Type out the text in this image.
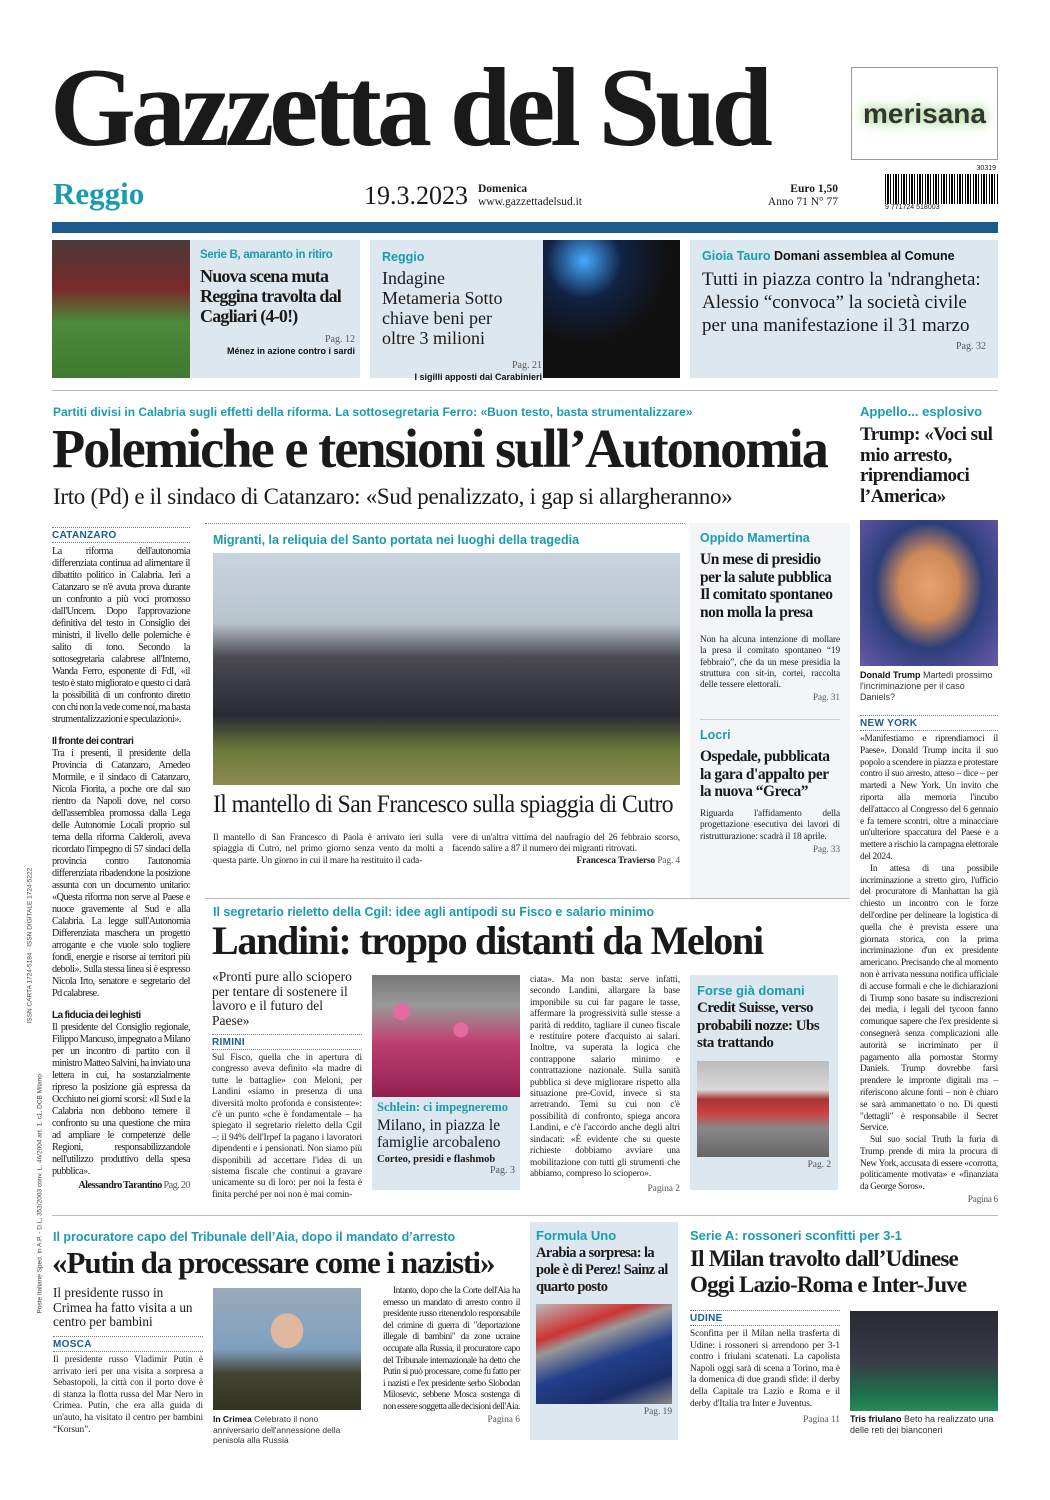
Gazzetta del Sud	merisana
Reggio	19.3.2023 Domenica
www.gazzettadelsud.it
Euro 1,50
Anno 71 N° 77
30319
9 771724 518003
ISSN CARTA 1724-5184 · ISSN DIGITALE 1724-5222
Poste Italiane Sped. in A.P. - D.L. 353/2003 conv. L. 46/2004 art. 1, c1, DCB Milano
Serie B, amaranto in ritiro
Nuova scena muta Reggina travolta dal Cagliari (4-0!)
Pag. 12
Ménez in azione contro i sardi
Reggio
Indagine Metameria Sotto chiave beni per oltre 3 milioni
Pag. 21
I sigilli apposti dai Carabinieri
Gioia Tauro Domani assemblea al Comune
Tutti in piazza contro la 'ndrangheta: Alessio “convoca” la società civile per una manifestazione il 31 marzo
Pag. 32
Partiti divisi in Calabria sugli effetti della riforma. La sottosegretaria Ferro: «Buon testo, basta strumentalizzare»
Polemiche e tensioni sull’Autonomia
Irto (Pd) e il sindaco di Catanzaro: «Sud penalizzato, i gap si allargheranno»
CATANZARO

La riforma dell'autonomia differenziata continua ad alimentare il dibattito politico in Calabria. Ieri a Catanzaro se n'è avuta prova durante un confronto a più voci promosso dall'Uncem. Dopo l'approvazione definitiva del testo in Consiglio dei ministri, il livello delle polemiche è salito di tono. Secondo la sottosegretaria calabrese all'Interno, Wanda Ferro, esponente di FdI, «il testo è stato migliorato e questo ci darà la possibilità di un confronto diretto con chi non la vede come noi, ma basta strumentalizzazioni e speculazioni».

Il fronte dei contrari

Tra i presenti, il presidente della Provincia di Catanzaro, Amedeo Mormile, e il sindaco di Catanzaro, Nicola Fiorita, a poche ore dal suo rientro da Napoli dove, nel corso dell'assemblea promossa dalla Lega delle Autonomie Locali proprio sul tema della riforma Calderoli, aveva ricordato l'impegno di 57 sindaci della provincia contro l'autonomia differenziata ribadendone la posizione assunta con un documento unitario: «Questa riforma non serve al Paese e nuoce gravemente al Sud e alla Calabria. La legge sull'Autonomia Differenziata maschera un progetto arrogante e che vuole solo togliere fondi, energie e risorse ai territori più deboli». Sulla stessa linea si è espresso Nicola Irto, senatore e segretario del Pd calabrese.

La fiducia dei leghisti

Il presidente del Consiglio regionale, Filippo Mancuso, impegnato a Milano per un incontro di partito con il ministro Matteo Salvini, ha inviato una lettera in cui, ha sostanzialmente ripreso la posizione già espressa da Occhiuto nei giorni scorsi: «Il Sud e la Calabria non debbono temere il confronto su una questione che mira ad ampliare le competenze delle Regioni, responsabilizzandole nell'utilizzo produttivo della spesa pubblica».

Alessandro Tarantino Pag. 20
Migranti, la reliquia del Santo portata nei luoghi della tragedia
Il mantello di San Francesco sulla spiaggia di Cutro
Il mantello di San Francesco di Paola è arrivato ieri sulla spiaggia di Cutro, nel primo giorno senza vento da molti a questa parte. Un giorno in cui il mare ha restituito il cada-

vere di un'altra vittima del naufragio del 26 febbraio scorso, facendo salire a 87 il numero dei migranti ritrovati.

Francesca Travierso Pag. 4
Oppido Mamertina
Un mese di presidio per la salute pubblica Il comitato spontaneo non molla la presa
Non ha alcuna intenzione di mollare la presa il comitato spontaneo “19 febbraio”, che da un mese presidia la struttura con sit-in, cortei, raccolta delle tessere elettorali.
Pag. 31
Locri
Ospedale, pubblicata la gara d'appalto per la nuova “Greca”
Riguarda l'affidamento della progettazione esecutiva dei lavori di ristrutturazione: scadrà il 18 aprile.
Pag. 33
Appello... esplosivo
Trump: «Voci sul mio arresto, riprendiamoci l’America»
Donald Trump Martedì prossimo l'incriminazione per il caso Daniels?
NEW YORK

«Manifestiamo e riprendiamoci il Paese». Donald Trump incita il suo popolo a scendere in piazza e protestare contro il suo arresto, atteso – dice – per martedì a New York. Un invito che riporta alla memoria l'incubo dell'attacco al Congresso del 6 gennaio e fa temere scontri, oltre a minacciare un'ulteriore spaccatura del Paese e a mettere a rischio la campagna elettorale del 2024.

In attesa di una possibile incriminazione a stretto giro, l'ufficio del procuratore di Manhattan ha già chiesto un incontro con le forze dell'ordine per delineare la logistica di quella che è prevista essere una giornata storica, con la prima incriminazione d'un ex presidente americano. Precisando che al momento non è arrivata nessuna notifica ufficiale di accuse formali e che le dichiarazioni di Trump sono basate su indiscrezioni dei media, i legali del tycoon fanno comunque sapere che l'ex presidente si consegnerà senza complicazioni alle autorità se incriminato per il pagamento alla pornostar Stormy Daniels. Trump dovrebbe farsi prendere le impronte digitali ma – riferiscono alcune fonti – non è chiaro se sarà ammanettato o no. Di questi "dettagli" è responsabile il Secret Service.

Sul suo social Truth la furia di Trump prende di mira la procura di New York, accusata di essere «corrotta, politicamente motivata» e «finanziata da George Soros».

Pagina 6
Il segretario rieletto della Cgil: idee agli antipodi su Fisco e salario minimo
Landini: troppo distanti da Meloni
«Pronti pure allo sciopero per tentare di sostenere il lavoro e il futuro del Paese»
RIMINI
Sul Fisco, quella che in apertura di congresso aveva definito «la madre di tutte le battaglie» con Meloni, per Landini «siamo in presenza di una diversità molto profonda e consistente»: c'è un punto «che è fondamentale – ha spiegato il segretario rieletto della Cgil –: il 94% dell'Irpef la pagano i lavoratori dipendenti e i pensionati. Non siamo più disponibili ad accettare l'idea di un sistema fiscale che continui a gravare unicamente su di loro: per noi la festa è finita perché per noi non è mai comin-
Schlein: ci impegneremo
Milano, in piazza le famiglie arcobaleno
Corteo, presidi e flashmob
Pag. 3
ciata». Ma non basta: serve infatti, secondo Landini, allargare la base imponibile su cui far pagare le tasse, affermare la progressività sulle stesse a parità di reddito, tagliare il cuneo fiscale e restituire potere d'acquisto ai salari. Inoltre, va superata la logica che contrappone salario minimo e contrattazione nazionale. Sulla sanità pubblica si deve migliorare rispetto alla situazione pre-Covid, invece si sta arretrando. Temi su cui non c'è possibilità di confronto, spiega ancora Landini, e c'è l'accordo anche degli altri sindacati: «È evidente che su queste richieste dobbiamo avviare una mobilitazione con tutti gli strumenti che abbiamo, compreso lo sciopero».
Pagina 2
Forse già domani
Credit Suisse, verso probabili nozze: Ubs sta trattando
Pag. 2
Il procuratore capo del Tribunale dell’Aia, dopo il mandato d’arresto
«Putin da processare come i nazisti»
Il presidente russo in Crimea ha fatto visita a un centro per bambini
MOSCA
Il presidente russo Vladimir Putin è arrivato ieri per una visita a sorpresa a Sebastopoli, la città con il porto dove è di stanza la flotta russa del Mar Nero in Crimea. Putin, che era alla guida di un'auto, ha visitato il centro per bambini “Korsun”.
In Crimea Celebrato il nono anniversario dell'annessione della penisola alla Russia
Intanto, dopo che la Corte dell'Aia ha emesso un mandato di arresto contro il presidente russo ritenendolo responsabile del crimine di guerra di "deportazione illegale di bambini" da zone ucraine occupate alla Russia, il procuratore capo del Tribunale internazionale ha detto che Putin si può processare, come fu fatto per i nazisti e l'ex presidente serbo Slobodan Milosevic, sebbene Mosca sostenga di non essere soggetta alle decisioni dell'Aia.
Pagina 6
Formula Uno
Arabia a sorpresa: la pole è di Perez! Sainz al quarto posto
Pag. 19
Serie A: rossoneri sconfitti per 3-1
Il Milan travolto dall’Udinese Oggi Lazio-Roma e Inter-Juve
UDINE
Sconfitta per il Milan nella trasferta di Udine: i rossoneri si arrendono per 3-1 contro i friulani scatenati. La capolista Napoli oggi sarà di scena a Torino, ma è la domenica di due grandi sfide: il derby della Capitale tra Lazio e Roma e il derby d'Italia tra Inter e Juventus.
Pagina 11 Tris friulano Beto ha realizzato una delle reti dei bianconeri
